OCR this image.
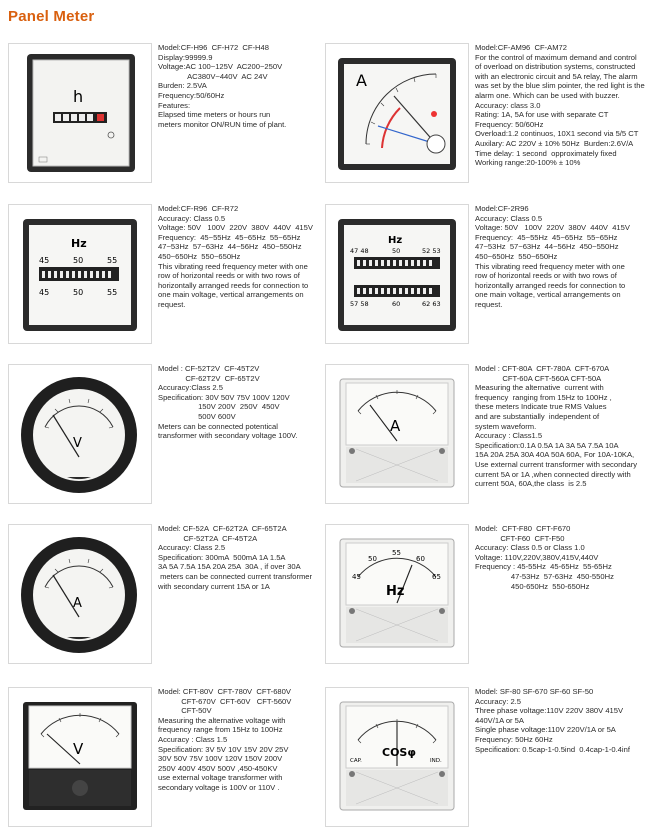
Panel Meter
h
Model:CF-H96  CF-H72  CF-H48
Display:99999.9
Voltage:AC 100~125V  AC200~250V
AC380V~440V  AC 24V
Burden: 2.5VA
Frequency:50/60Hz
Features:
Elapsed time meters or hours run
meters monitor ON/RUN time of plant.
A
Model:CF-AM96  CF-AM72
For the control of maximum demand and control
of overload on distribution systems, constructed
with an electronic circuit and 5A relay, The alarm
was set by the blue slim pointer, the red light is the
alarm one. Which can be used with buzzer.
Accuracy: class 3.0
Rating: 1A, 5A for use with separate CT
Frequency: 50/60Hz
Overload:1.2 continuos, 10X1 second via 5/5 CT
Auxilary: AC 220V ± 10% 50Hz  Burden:2.6V/A
Time delay: 1 second  opproximately fixed
Working range:20-100% ± 10%
Hz
45	50	55
45	50	55
Model:CF-R96  CF-R72
Accuracy: Class 0.5
Voltage: 50V   100V  220V  380V  440V  415V
Frequency:  45~55Hz  45~65Hz  55~65Hz
47~53Hz  57~63Hz  44~56Hz  450~550Hz
450~650Hz  550~650Hz
This vibrating reed frequency meter with one
row of horizontal reeds or with two rows of
horizontally arranged reeds for connection to
one main voltage, vertical arrangements on
request.
Hz
47 48	50	52 53
57 58	60	62 63
Model:CF-2R96
Accuracy: Class 0.5
Voltage: 50V   100V  220V  380V  440V  415V
Frequency:  45~55Hz  45~65Hz  55~65Hz
47~53Hz  57~63Hz  44~56Hz  450~550Hz
450~650Hz  550~650Hz
This vibrating reed frequency meter with one
row of horizontal reeds or with two rows of
horizontally arranged reeds for connection to
one main voltage, vertical arrangements on
request.
V
Model : CF-52T2V  CF-45T2V
CF-62T2V  CF-65T2V
Accuracy:Class 2.5
Specification: 30V 50V 75V 100V 120V
150V 200V  250V  450V
500V 600V
Meters can be connected potentical
transformer with secondary voltage 100V.
A
Model : CFT-80A  CFT-780A  CFT-670A
CFT-60A CFT-560A CFT-50A
Measuring the alternative  current with
frequency  ranging from 15Hz to 100Hz ,
these meters Indicate true RMS Values
and are substantially  independent of
system waveform.
Accuracy : Class1.5
Specification:0.1A 0.5A 1A 3A 5A 7.5A 10A
15A 20A 25A 30A 40A 50A 60A, For 10A-10KA,
Use external current transformer with secondary
current 5A or 1A ,when connected directly with
current 50A, 60A,the class  is 2.5
A
Model: CF-52A  CF-62T2A  CF-65T2A
CF-52T2A  CF-45T2A
Accuracy: Class 2.5
Specification: 300mA  500mA 1A 1.5A
3A 5A 7.5A 15A 20A 25A  30A , if over 30A
meters can be connected current transformer
with secondary current 15A or 1A
45
50
55
60
65
Hz
Model:  CFT-F80  CFT-F670
CFT-F60  CFT-F50
Accuracy: Class 0.5 or Class 1.0
Voltage: 110V,220V,380V,415V,440V
Frequency : 45-55Hz  45-65Hz  55-65Hz
47-53Hz  57-63Hz  450-550Hz
450-650Hz  550-650Hz
V
Model: CFT-80V  CFT-780V  CFT-680V
CFT-670V  CFT-60V   CFT-560V
CFT-50V
Measuring the alternative voltage with
frequency range from 15Hz to 100Hz
Accuracy : Class 1.5
Specification: 3V 5V 10V 15V 20V 25V
30V 50V 75V 100V 120V 150V 200V
250V 400V 450V 500V ,450-450KV
use external voltage transformer with
secondary voltage is 100V or 110V .
COSφ
CAP.	IND.
Model: SF-80 SF-670 SF-60 SF-50
Accuracy: 2.5
Three phase voltage:110V 220V 380V 415V
440V/1A or 5A
Single phase voltage:110V 220V/1A or 5A
Frequency: 50Hz 60Hz
Specification: 0.5cap-1-0.5ind  0.4cap-1-0.4inf
